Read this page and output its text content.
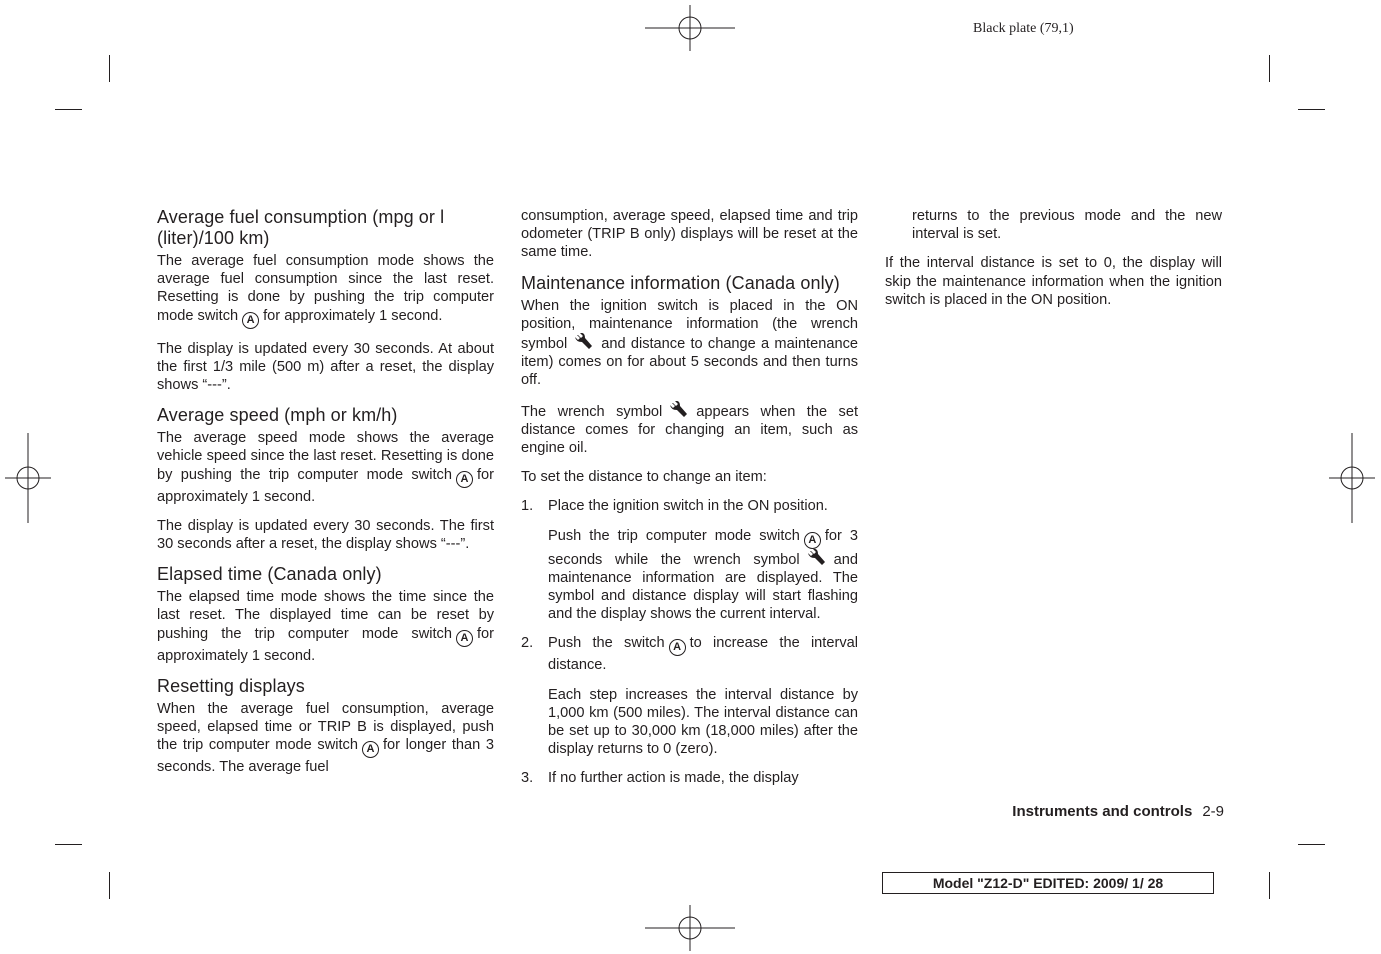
Black plate (79,1)
Average fuel consumption (mpg or l (liter)/100 km)

The average fuel consumption mode shows the average fuel consumption since the last reset. Resetting is done by pushing the trip computer mode switch A for approximately 1 second.

The display is updated every 30 seconds. At about the first 1/3 mile (500 m) after a reset, the display shows “---”.

Average speed (mph or km/h)

The average speed mode shows the average vehicle speed since the last reset. Resetting is done by pushing the trip computer mode switch A for approximately 1 second.

The display is updated every 30 seconds. The first 30 seconds after a reset, the display shows “---”.

Elapsed time (Canada only)

The elapsed time mode shows the time since the last reset. The displayed time can be reset by pushing the trip computer mode switch A for approximately 1 second.

Resetting displays

When the average fuel consumption, average speed, elapsed time or TRIP B is displayed, push the trip computer mode switch A for longer than 3 seconds. The average fuel

consumption, average speed, elapsed time and trip odometer (TRIP B only) displays will be reset at the same time.

Maintenance information (Canada only)

When the ignition switch is placed in the ON position, maintenance information (the wrench symbol and distance to change a maintenance item) comes on for about 5 seconds and then turns off.

The wrench symbol appears when the set distance comes for changing an item, such as engine oil.

To set the distance to change an item:

1.	Place the ignition switch in the ON position.

Push the trip computer mode switch A for 3 seconds while the wrench symbol and maintenance information are displayed. The symbol and distance display will start flashing and the display shows the current interval.

2.	Push the switch A to increase the interval distance.

Each step increases the interval distance by 1,000 km (500 miles). The interval distance can be set up to 30,000 km (18,000 miles) after the display returns to 0 (zero).

3.	If no further action is made, the display

returns to the previous mode and the new interval is set.

If the interval distance is set to 0, the display will skip the maintenance information when the ignition switch is placed in the ON position.

Instruments and controls 2-9
Model "Z12-D" EDITED: 2009/ 1/ 28
